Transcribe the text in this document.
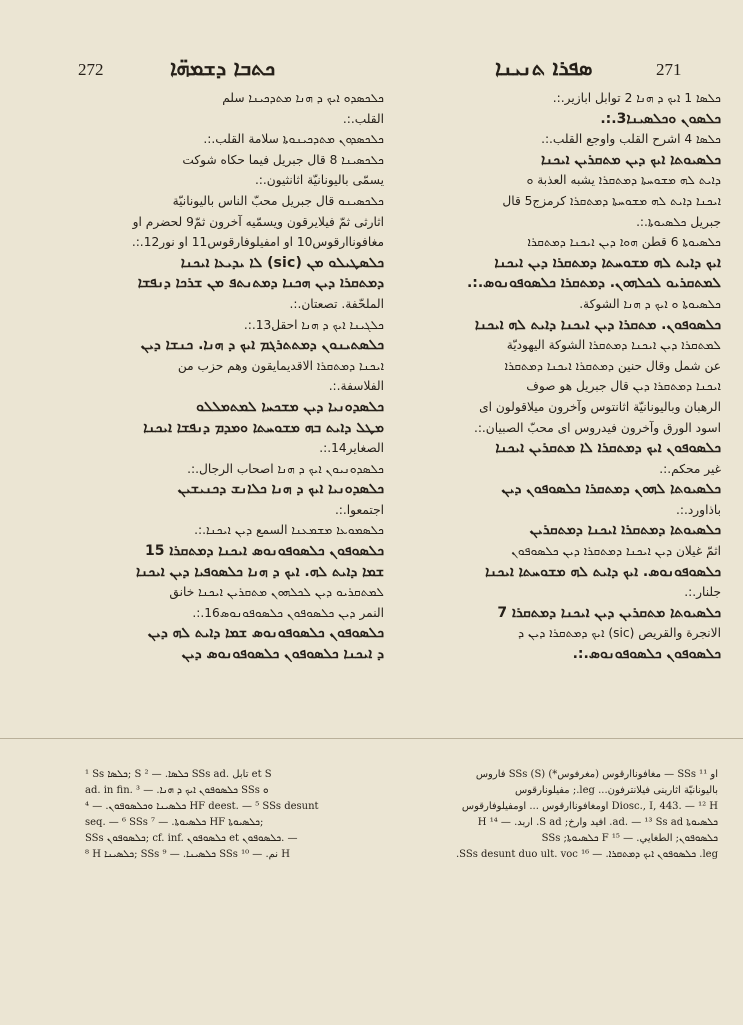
272	ܟܬܒܐ ܕܫܡܗ̈ܐ	ܣܦܪܐ ܬܢܝܢܐ	271
ܟܠܟܣܕܘ ܐܝܟ ܕ ܗܢܐ ܡܬܕܟܝܢܐ سلم
القلب.:.
ܟܠܟܣܕܘܢ ܡܬܕܟܝܢܘܬܐ سلامة القلب.:.
ܟܠܟܣܝܢܐ 8 قال جبريل فيما حكاه شوكت
يسمّى باليونانيّة اثانثيون.:.
ܟܠܟܣܝܢܘ قال جبريل محبّ الناس باليونانيّة
اثارثى ثمّ فيلايرقون ويسمّيه آخرون ثمّ9 لحضرم او
مغافوناارقوس10 او امفيلوفارقوس11 او نور12.:.
ܟܠܣܛܝܠܘ ܡܢ (sic) ܠܐ ܝܕܝܥܐ ܐܝܟܢܐ
ܕܡܬܩܪܐ ܕܝܢ ܗܟܢܐ ܕܡܬܢܬܦ ܡܢ ܫܪܟܐ ܕܢܦܫܐ
الملحّفة. تصعتان.:.
ܟܠܓܝܢܐ ܐܝܟ ܕ ܗܢܐ احقل13.:.
ܟܠܣܬܝܢܘܢ ܕܡܬܬܪܓܡ ܐܝܟ ܕ ܗܢܐ. ܟܢܫܐ ܕܝܢ
ܐܝܟܢܐ ܕܡܬܩܪܐ الاقديمايقون وهم حزب من
الفلاسفة.:.
ܟܠܣܕܘܢܝܐ ܕܝܢ ܡܫܟܚܐ ܠܡܬܡܠܠܘ
ܡܛܠ ܕܐܝܬ ܒܗ ܡܫܘܚܬܐ ܘܡܕܡ ܕܢܦܫܐ ܐܝܟܢܐ
الصغاير14.:.
ܟܠܣܕܘܢܝܘܢ ܐܝܟ ܕ ܗܢܐ اصحاب الرجال.:.
ܟܠܣܕܘܢܝܐ ܐܝܟ ܕ ܗܢܐ ܟܠܐܢܫ ܕܟܢܝܫܝܢ
اجتمعوا.:.
ܟܠܣܡܘܥܐ ܡܫܡܥܢܐ السمع ܕܝܢ ܐܝܟܢܐ.:.
ܟܠܣܘܦܘܢ ܟܠܣܘܦܘܢܘܣ ܐܝܟܢܐ ܕܡܬܩܪܐ 15
ܫܡܐ ܕܐܝܬ ܠܗ. ܐܝܟ ܕ ܗܢܐ ܟܠܣܘܦܝܐ ܕܝܢ ܐܝܟܢܐ
ܠܡܬܩܪܝܘ ܕܝܢ ܠܟܠܗܘܢ ܡܬܩܪܝܢ ܐܝܟܢܐ خانق
النمر ܕܝܢ ܟܠܣܘܦܘܢ ܟܠܣܘܦܘܢܘܣ16.:.
ܟܠܣܘܦܘܢ ܟܠܣܘܦܘܢܘܣ ܫܡܐ ܕܐܝܬ ܠܗ ܕܝܢ
ܕ ܐܝܟܢܐ ܟܠܣܘܦܘܢ ܟܠܣܘܦܘܢܘܣ ܕܝܢ
ܟܠܣܐ 1 ܐܝܟ ܕ ܗܢܐ 2 توابل ابازير.:.
ܟܠܣܘܢ ܘܟܠܣܝܢܐ3.:.
ܟܠܣܐ 4 اشرح القلب واوجع القلب.:.
ܟܠܣܝܘܬܐ ܐܝܟ ܕܝܢ ܡܬܩܪܝܢ ܐܝܟܢܐ
ܕܐܝܬ ܠܗ ܡܫܘܚܬܐ ܕܡܬܩܪܐ يشبه العذبة ܘ
ܐܝܟܢܐ ܕܐܝܬ ܠܗ ܡܫܘܚܬܐ ܕܡܬܩܪܐ كرمزج5 قال
جبريل ܟܠܣܝܘܬܐ.:.
ܟܠܣܝܘܬܐ 6 قطن ܗܘܐ ܕܝܢ ܐܝܟܢܐ ܕܡܬܩܪܐ
ܐܝܟ ܕܐܝܬ ܠܗ ܡܫܘܚܬܐ ܕܡܬܩܪܐ ܕܝܢ ܐܝܟܢܐ
ܠܡܬܩܪܝܘ ܠܟܠܗܘܢ. ܕܡܬܩܪܐ ܟܠܣܘܦܘܢܘܣ.:.
ܟܠܣܝܘܬܐ ܘ ܐܝܟ ܕ ܗܢܐ الشوكة.
ܟܠܣܘܦܘܢ. ܡܬܩܪܐ ܕܝܢ ܐܝܟܢܐ ܕܐܝܬ ܠܗ ܐܝܟܢܐ
ܠܡܬܩܪܐ ܕܝܢ ܐܝܟܢܐ ܕܡܬܩܪܐ الشوكة اليهوديّة
عن شمل وقال حنين ܕܡܬܩܪܐ ܐܝܟܢܐ ܕܡܬܩܪܐ
ܐܝܟܢܐ ܕܡܬܩܪܐ ܕܝܢ قال جبريل هو صوف
الرهبان وباليونانيّة اثانتوس وآخرون ميلاقولون اى
اسود الورق وآخرون فيدروس اى محبّ الصبيان.:.
ܟܠܣܘܦܘܢ ܐܝܟ ܕܡܬܩܪܐ ܠܐ ܡܬܩܪܝܢ ܐܝܟܢܐ
غير محكم.:.
ܟܠܣܝܘܬܐ ܠܗܘܢ ܕܡܬܩܪܐ ܟܠܣܘܦܘܢ ܕܝܢ
باذاورد.:.
ܟܠܣܝܘܬܐ ܕܡܬܩܪܐ ܐܝܟܢܐ ܕܡܬܩܪܝܢ
اثمّ غيلان ܕܝܢ ܐܝܟܢܐ ܕܡܬܩܪܐ ܕܝܢ ܟܠܣܘܦܘܢ
ܟܠܣܘܦܘܢܘܣ. ܐܝܟ ܕܐܝܬ ܠܗ ܡܫܘܚܬܐ ܐܝܟܢܐ
جلنار.:.
ܟܠܣܝܘܬܐ ܡܬܩܪܝܢ ܕܝܢ ܐܝܟܢܐ ܕܡܬܩܪܐ 7
الانجرة والقريص (sic) ܐܝܟ ܕܡܬܩܪܐ ܕܝܢ ܕ
ܟܠܣܘܦܘܢ ܟܠܣܘܦܘܢܘܣ.:.
¹ Ss ܟܠܣܐ; S ܟܠܣܐ. — ² SSs ad. تابل et S
ad. in fin. ܟܠܣܘܦܘܢ ܐܝܟ ܕ ܗܢܐ. — ³ SSs ܘ
ܟܠܣܝܢܐ ܘܟܠܣܘܦܘܢ. — ⁴ HF deest. — ⁵ SSs desunt
seq. — ⁶ SSs ܟܠܣܝܘܬܐ. — ⁷ HF ܟܠܣܝܘܬܐ;
SSs ܟܠܣܘܦܘܢ; cf. inf. ܟܠܣܘܦܘܢ et ܟܠܣܘܦܘܢ. —
⁸ H ܟܠܣܝܢܐ; SSs ܟܠܣܝܢܐ. — ⁹ SSs نم. — ¹⁰ H
او SSs ¹¹ — مغافوناارقوس (مغرفوس*) SSs (S) فاروس
باليونانيّة اثارينى فيلانترفون... leg.; مفيلونارقوس
Diosc., I, 443. — ¹² H اومغافوناارقوس ... اومفيلوفارقوس
ܟܠܣܝܘܬܐ ad. — ¹³ Ss ad. افيد وارخ; S ad. اربد. — ¹⁴ H
ܟܠܣܘܦܘܢ; الطغايي. — ¹⁵ F ܟܠܣܝܘܬܐ; SSs
leg. ܟܠܣܘܦܘܢ ܐܝܟ ܕܡܬܩܪܐ. — ¹⁶ SSs desunt duo ult. voc.
